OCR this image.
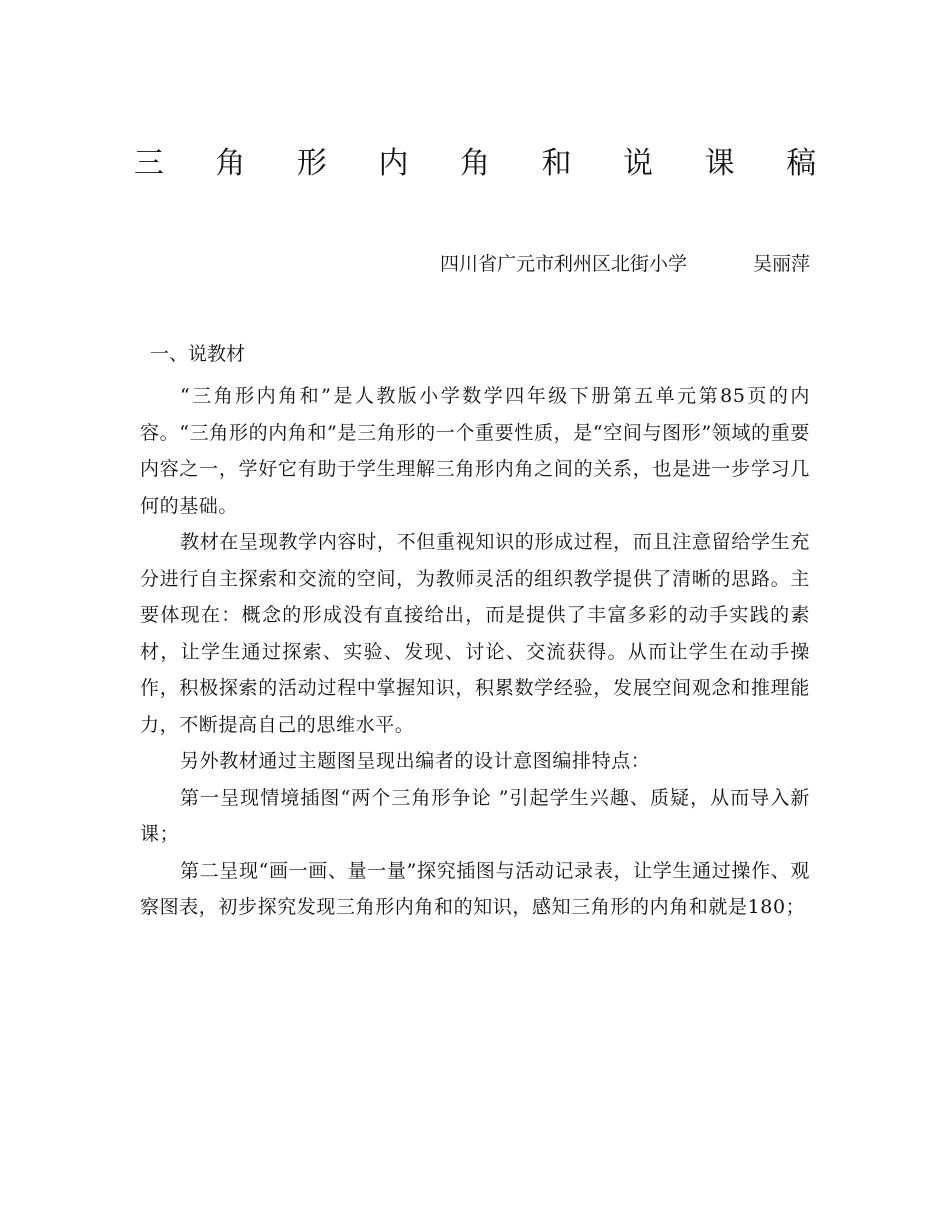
三 角 形 内 角 和 说 课 稿
四川省广元市利州区北街小学	吴丽萍
一、说教材

“三角形内角和”是人教版小学数学四年级下册第五单元第85页的内容。“三角形的内角和”是三角形的一个重要性质，是“空间与图形”领域的重要内容之一，学好它有助于学生理解三角形内角之间的关系，也是进一步学习几何的基础。

教材在呈现教学内容时，不但重视知识的形成过程，而且注意留给学生充分进行自主探索和交流的空间，为教师灵活的组织教学提供了清晰的思路。主要体现在：概念的形成没有直接给出，而是提供了丰富多彩的动手实践的素材，让学生通过探索、实验、发现、讨论、交流获得。从而让学生在动手操作，积极探索的活动过程中掌握知识，积累数学经验，发展空间观念和推理能力，不断提高自己的思维水平。

另外教材通过主题图呈现出编者的设计意图编排特点：

第一呈现情境插图“两个三角形争论 ”引起学生兴趣、质疑，从而导入新课；

第二呈现“画一画、量一量”探究插图与活动记录表，让学生通过操作、观察图表，初步探究发现三角形内角和的知识，感知三角形的内角和就是180；
